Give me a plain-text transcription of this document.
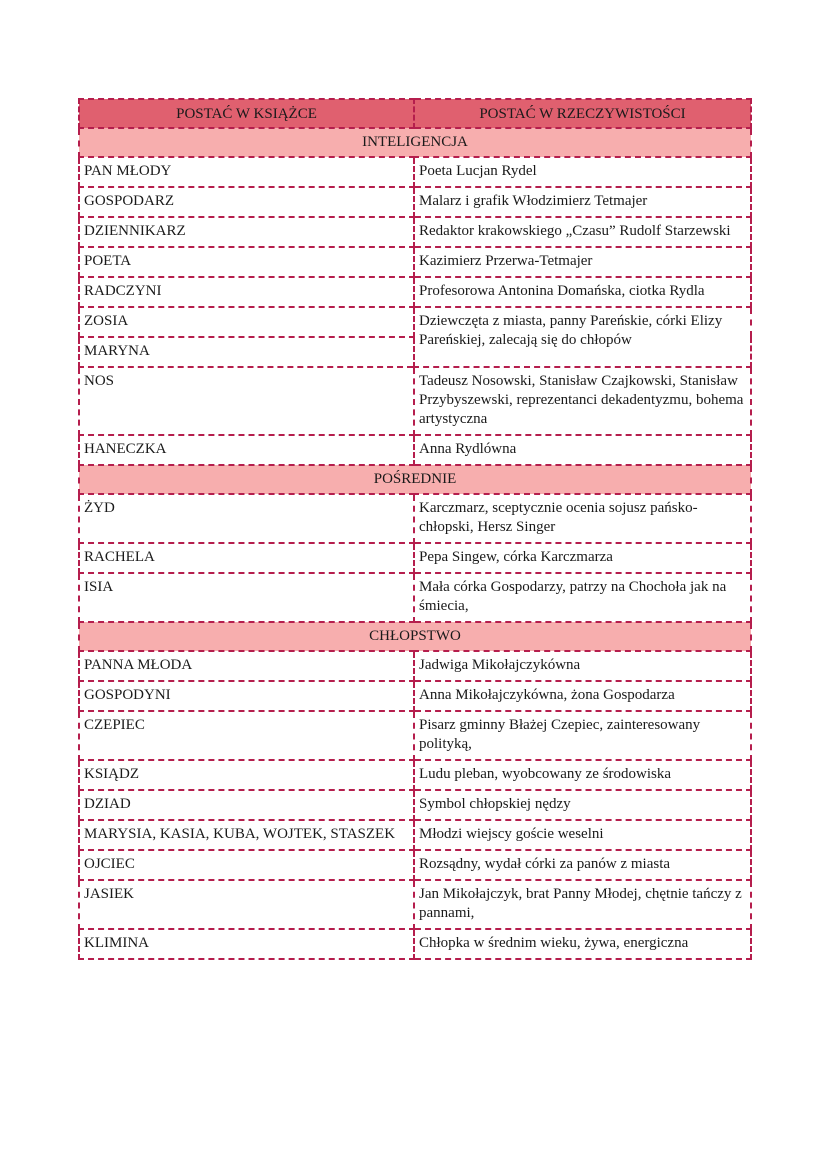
POSTAĆ W KSIĄŻCE	POSTAĆ W RZECZYWISTOŚCI
INTELIGENCJA	
PAN MŁODY	Poeta Lucjan Rydel
GOSPODARZ	Malarz i grafik Włodzimierz Tetmajer
DZIENNIKARZ	Redaktor krakowskiego „Czasu” Rudolf Starzewski
POETA	Kazimierz Przerwa-Tetmajer
RADCZYNI	Profesorowa Antonina Domańska, ciotka Rydla
ZOSIA	Dziewczęta z miasta, panny Pareńskie, córki Elizy Pareńskiej, zalecają się do chłopów
MARYNA	
NOS	Tadeusz Nosowski, Stanisław Czajkowski, Stanisław Przybyszewski, reprezentanci dekadentyzmu, bohema artystyczna
HANECZKA	Anna Rydlówna
POŚREDNIE	
ŻYD	Karczmarz, sceptycznie ocenia sojusz pańsko-chłopski, Hersz Singer
RACHELA	Pepa Singew, córka Karczmarza
ISIA	Mała córka Gospodarzy, patrzy na Chochoła jak na śmiecia,
CHŁOPSTWO	
PANNA MŁODA	Jadwiga Mikołajczykówna
GOSPODYNI	Anna Mikołajczykówna, żona Gospodarza
CZEPIEC	Pisarz gminny Błażej Czepiec, zainteresowany polityką,
KSIĄDZ	Ludu pleban, wyobcowany ze środowiska
DZIAD	Symbol chłopskiej nędzy
MARYSIA, KASIA, KUBA, WOJTEK, STASZEK	Młodzi wiejscy goście weselni
OJCIEC	Rozsądny, wydał córki za panów z miasta
JASIEK	Jan Mikołajczyk, brat Panny Młodej, chętnie tańczy z pannami,
KLIMINA	Chłopka w średnim wieku, żywa, energiczna
